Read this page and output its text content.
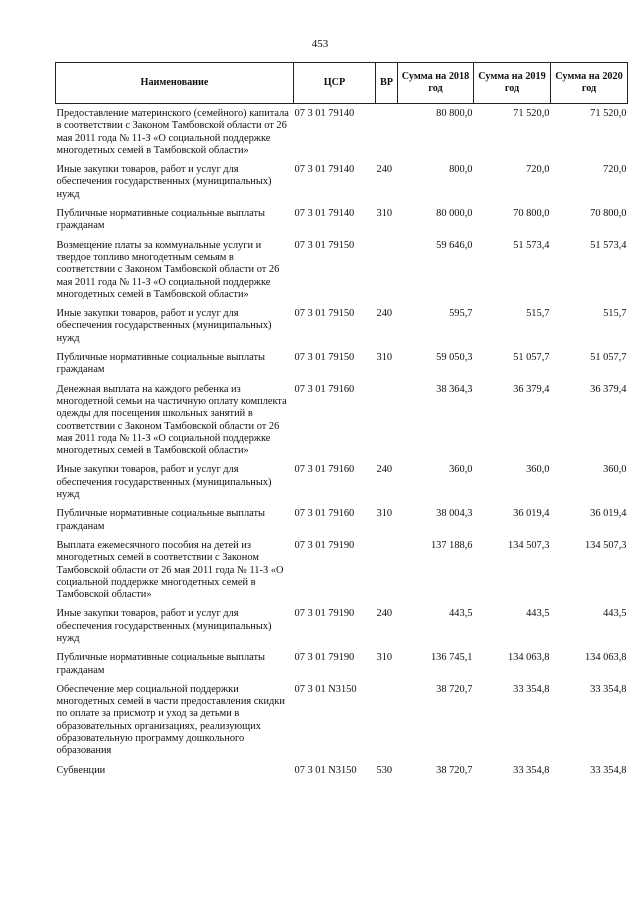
453
Наименование	ЦСР	ВР	Сумма на 2018 год	Сумма на 2019 год	Сумма на 2020 год
Предоставление материнского (семейного) капитала в соответствии с Законом Тамбовской области от 26 мая 2011 года № 11-З «О социальной поддержке многодетных семей в Тамбовской области»	07 3 01 79140		80 800,0	71 520,0	71 520,0
Иные закупки товаров, работ и услуг для обеспечения государственных (муниципальных) нужд	07 3 01 79140	240	800,0	720,0	720,0
Публичные нормативные социальные выплаты гражданам	07 3 01 79140	310	80 000,0	70 800,0	70 800,0
Возмещение платы за коммунальные услуги и твердое топливо многодетным семьям в соответствии с Законом Тамбовской области от 26 мая 2011 года № 11-З «О социальной поддержке многодетных семей в Тамбовской области»	07 3 01 79150		59 646,0	51 573,4	51 573,4
Иные закупки товаров, работ и услуг для обеспечения государственных (муниципальных) нужд	07 3 01 79150	240	595,7	515,7	515,7
Публичные нормативные социальные выплаты гражданам	07 3 01 79150	310	59 050,3	51 057,7	51 057,7
Денежная выплата на каждого ребенка из многодетной семьи на частичную оплату комплекта одежды для посещения школьных занятий в соответствии с Законом Тамбовской области от 26 мая 2011 года № 11-З «О социальной поддержке многодетных семей в Тамбовской области»	07 3 01 79160		38 364,3	36 379,4	36 379,4
Иные закупки товаров, работ и услуг для обеспечения государственных (муниципальных) нужд	07 3 01 79160	240	360,0	360,0	360,0
Публичные нормативные социальные выплаты гражданам	07 3 01 79160	310	38 004,3	36 019,4	36 019,4
Выплата ежемесячного пособия на детей из многодетных семей в соответствии с Законом Тамбовской области от 26 мая 2011 года № 11-З «О социальной поддержке многодетных семей в Тамбовской области»	07 3 01 79190		137 188,6	134 507,3	134 507,3
Иные закупки товаров, работ и услуг для обеспечения государственных (муниципальных) нужд	07 3 01 79190	240	443,5	443,5	443,5
Публичные нормативные социальные выплаты гражданам	07 3 01 79190	310	136 745,1	134 063,8	134 063,8
Обеспечение мер социальной поддержки многодетных семей в части предоставления скидки по оплате за присмотр и уход за детьми в образовательных организациях, реализующих образовательную программу дошкольного образования	07 3 01 N3150		38 720,7	33 354,8	33 354,8
Субвенции	07 3 01 N3150	530	38 720,7	33 354,8	33 354,8
